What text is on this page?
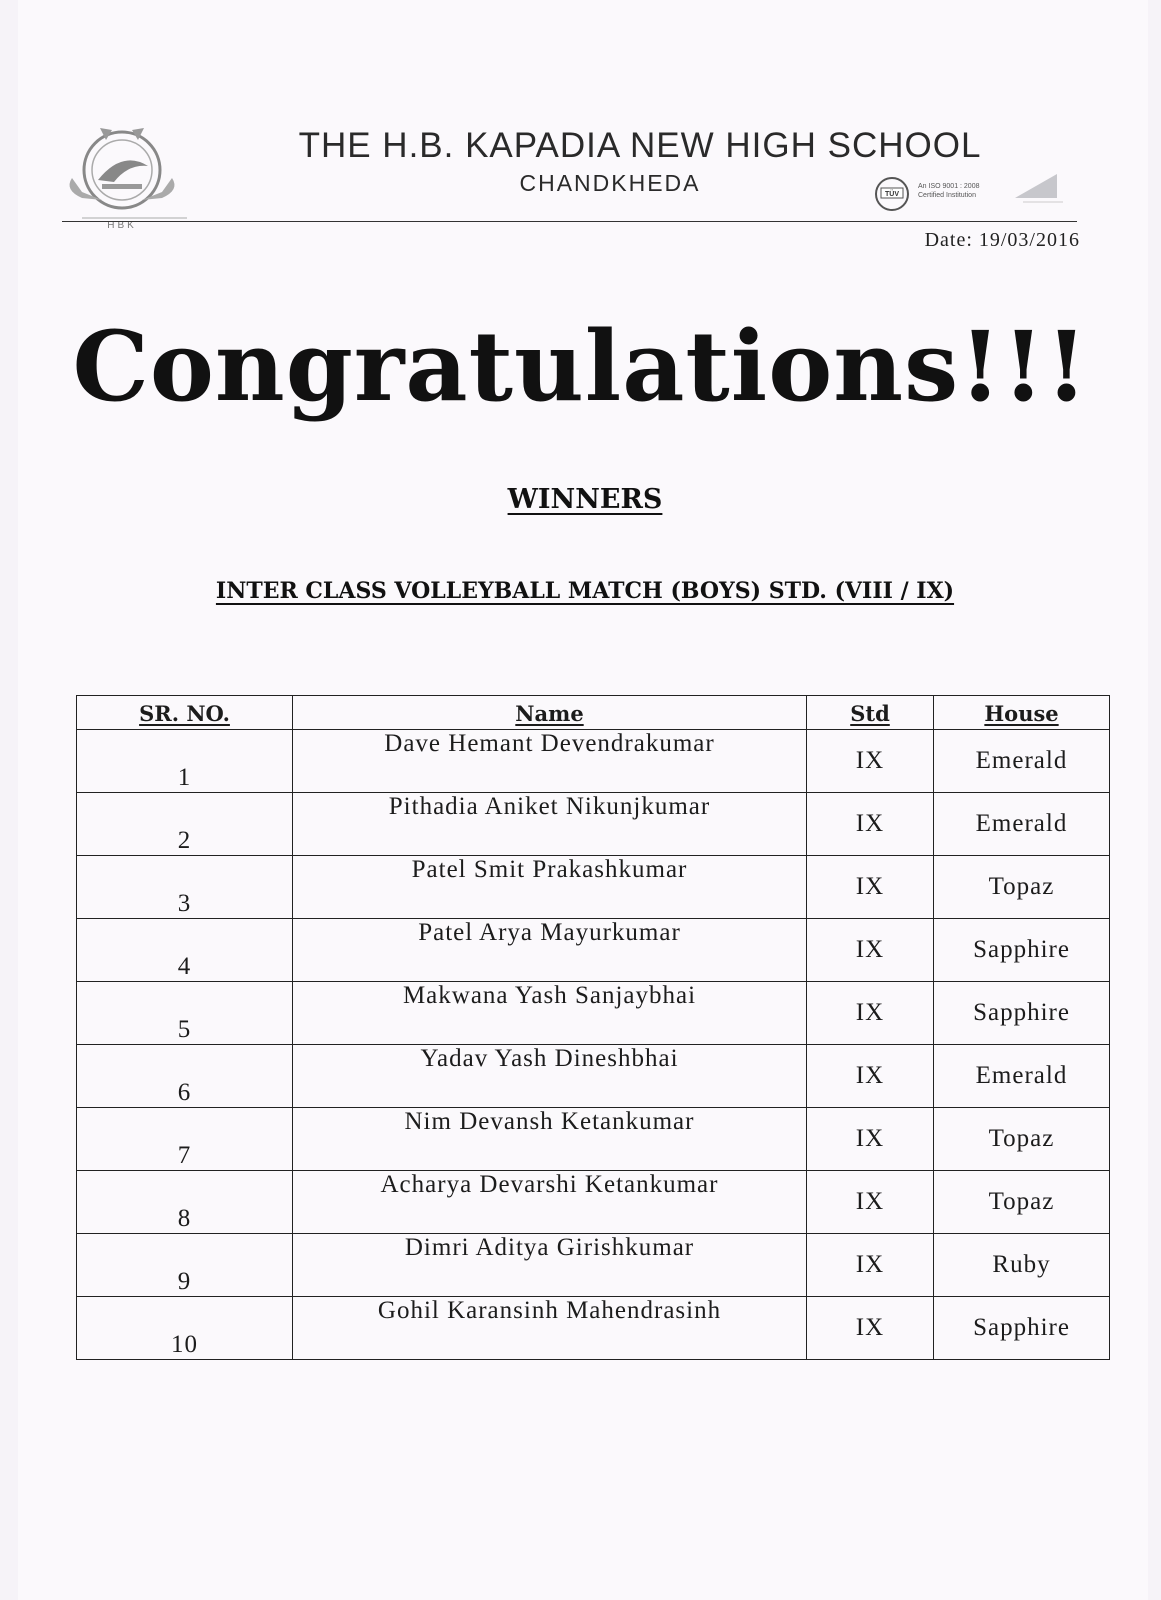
HBK
THE H.B. KAPADIA NEW HIGH SCHOOL
CHANDKHEDA	TÜV
An ISO 9001 : 2008
Certified Institution
Date: 19/03/2016
Congratulations!!!
WINNERS
INTER CLASS VOLLEYBALL MATCH (BOYS) STD. (VIII / IX)
SR. NO.	Name	Std	House
1	Dave Hemant Devendrakumar	IX	Emerald
2	Pithadia Aniket Nikunjkumar	IX	Emerald
3	Patel Smit Prakashkumar	IX	Topaz
4	Patel Arya Mayurkumar	IX	Sapphire
5	Makwana Yash Sanjaybhai	IX	Sapphire
6	Yadav Yash Dineshbhai	IX	Emerald
7	Nim Devansh Ketankumar	IX	Topaz
8	Acharya Devarshi Ketankumar	IX	Topaz
9	Dimri Aditya Girishkumar	IX	Ruby
10	Gohil Karansinh Mahendrasinh	IX	Sapphire
